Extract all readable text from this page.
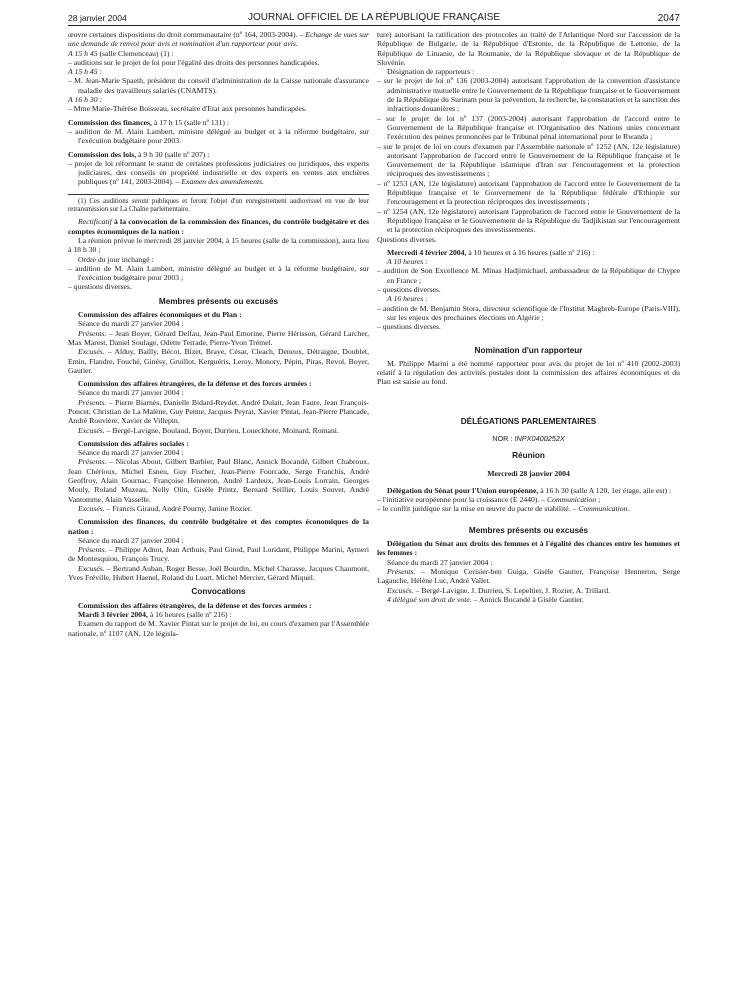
28 janvier 2004	JOURNAL OFFICIEL DE LA RÉPUBLIQUE FRANÇAISE	2047

œuvre certaines dispositions du droit communautaire (nº 164, 2003-2004). – Echange de vues sur une demande de renvoi pour avis et nomination d'un rapporteur pour avis.

A 15 h 45 (salle Clemenceau) (1) :

– auditions sur le projet de loi pour l'égalité des droits des personnes handicapées.

A 15 h 45 :

– M. Jean-Marie Spaeth, président du conseil d'administration de la Caisse nationale d'assurance maladie des travailleurs salariés (CNAMTS).

A 16 h 30 :

– Mme Marie-Thérèse Boisseau, secrétaire d'Etat aux personnes handicapées.

Commission des finances, à 17 h 15 (salle nº 131) :

– audition de M. Alain Lambert, ministre délégué au budget et à la réforme budgétaire, sur l'exécution budgétaire pour 2003.

Commission des lois, à 9 h 30 (salle nº 207) :

– projet de loi réformant le statut de certaines professions judiciaires ou juridiques, des experts judiciaires, des conseils en propriété industrielle et des experts en ventes aux enchères publiques (nº 141, 2003-2004). – Examen des amendements.

(1) Ces auditions seront publiques et feront l'objet d'un enregistrement audiovisuel en vue de leur retransmission sur La Chaîne parlementaire.

Rectificatif à la convocation de la commission des finances, du contrôle budgétaire et des comptes économiques de la nation :

La réunion prévue le mercredi 28 janvier 2004, à 15 heures (salle de la commission), aura lieu à 18 h 30 ;

Ordre du jour inchangé :

– audition de M. Alain Lambert, ministre délégué au budget et à la réforme budgétaire, sur l'exécution budgétaire pour 2003 ;

– questions diverses.

Membres présents ou excusés

Commission des affaires économiques et du Plan :

Séance du mardi 27 janvier 2004 :

Présents. – Jean Boyer, Gérard Delfau, Jean-Paul Emorine, Pierre Hérisson, Gérard Larcher, Max Marest, Daniel Soulage, Odette Terrade, Pierre-Yvon Trémel.

Excusés. – Alduy, Bailly, Bécot, Bizet, Braye, César, Cleach, Deneux, Détraigne, Doublet, Emin, Flandre, Fouché, Ginésy, Gruillot, Kerguéris, Leroy, Monory, Pépin, Piras, Revol, Boyer, Gautier.

Commission des affaires étrangères, de la défense et des forces armées :

Séance du mardi 27 janvier 2004 :

Présents. – Pierre Biarnès, Danielle Bidard-Reydet, André Dulait, Jean Faure, Jean François-Poncet, Christian de La Malène, Guy Penne, Jacques Peyrat, Xavier Pintat, Jean-Pierre Plancade, André Rouvière, Xavier de Villepin.

Excusés. – Bergé-Lavigne, Boulaud, Boyer, Durrieu, Loueckhote, Moinard, Romani.

Commission des affaires sociales :

Séance du mardi 27 janvier 2004 :

Présents. – Nicolas About, Gilbert Barbier, Paul Blanc, Annick Bocandé, Gilbert Chabroux, Jean Chérioux, Michel Esneu, Guy Fischer, Jean-Pierre Fourcade, Serge Franchis, André Geoffroy, Alain Gournac, Françoise Henneron, André Lardeux, Jean-Louis Lorrain, Georges Mouly, Roland Muzeau, Nelly Olin, Gisèle Printz, Bernard Seillier, Louis Souvet, André Vantomme, Alain Vasselle.

Excusés. – Francis Giraud, André Pourny, Janine Rozier.

Commission des finances, du contrôle budgétaire et des comptes économiques de la nation :

Séance du mardi 27 janvier 2004 :

Présents. – Philippe Adnot, Jean Arthuis, Paul Girod, Paul Loridant, Philippe Marini, Aymeri de Montesquiou, François Trucy.

Excusés. – Bertrand Auban, Roger Besse, Joël Bourdin, Michel Charasse, Jacques Chaumont, Yves Fréville, Hubert Haenel, Roland du Luart, Michel Mercier, Gérard Miquel.

Convocations

Commission des affaires étrangères, de la défense et des forces armées :

Mardi 3 février 2004, à 16 heures (salle nº 216) :

Examen du rapport de M. Xavier Pintat sur le projet de loi, en cours d'examen par l'Assemblée nationale, nº 1107 (AN, 12e législa-

ture) autorisant la ratification des protocoles au traité de l'Atlantique Nord sur l'accession de la République de Bulgarie, de la République d'Estonie, de la République de Lettonie, de la République de Lituanie, de la Roumanie, de la République slovaque et de la République de Slovénie.

Désignation de rapporteurs :

– sur le projet de loi nº 136 (2003-2004) autorisant l'approbation de la convention d'assistance administrative mutuelle entre le Gouvernement de la République française et le Gouvernement de la République du Surinam pour la prévention, la recherche, la constatation et la sanction des infractions douanières ;

– sur le projet de loi nº 137 (2003-2004) autorisant l'approbation de l'accord entre le Gouvernement de la République française et l'Organisation des Nations unies concernant l'exécution des peines prononcées par le Tribunal pénal international pour le Rwanda ;

– sur le projet de loi en cours d'examen par l'Assemblée nationale nº 1252 (AN, 12e législature) autorisant l'approbation de l'accord entre le Gouvernement de la République française et le Gouvernement de la République islamique d'Iran sur l'encouragement et la protection réciproques des investissements ;

– nº 1253 (AN, 12e législature) autorisant l'approbation de l'accord entre le Gouvernement de la République française et le Gouvernement de la République fédérale d'Ethiopie sur l'encouragement et la protection réciproques des investissements ;

– nº 1254 (AN, 12e législature) autorisant l'approbation de l'accord entre le Gouvernement de la République française et le Gouvernement de la République du Tadjikistan sur l'encouragement et la protection réciproques des investissements.

Questions diverses.

Mercredi 4 février 2004, à 10 heures et à 16 heures (salle nº 216) :

A 10 heures :

– audition de Son Excellence M. Minas Hadjimichael, ambassadeur de la République de Chypre en France ;

– questions diverses.

A 16 heures :

– audition de M. Benjamin Stora, directeur scientifique de l'Institut Maghreb-Europe (Paris-VIII), sur les enjeux des prochaines élections en Algérie ;

– questions diverses.

Nomination d'un rapporteur

M. Philippe Marini a été nommé rapporteur pour avis du projet de loi nº 410 (2002-2003) relatif à la régulation des activités postales dont la commission des affaires économiques et du Plan est saisie au fond.

DÉLÉGATIONS PARLEMENTAIRES

NOR : INPX0400252X

Réunion

Mercredi 28 janvier 2004

Délégation du Sénat pour l'Union européenne, à 16 h 30 (salle A 120, 1er étage, aile est) :

– l'initiative européenne pour la croissance (E 2440). – Communication ;

– le conflit juridique sur la mise en œuvre du pacte de stabilité. – Communication.

Membres présents ou excusés

Délégation du Sénat aux droits des femmes et à l'égalité des chances entre les hommes et les femmes :

Séance du mardi 27 janvier 2004 :

Présents. – Monique Cerisier-ben Guiga, Gisèle Gautier, Françoise Henneron, Serge Lagauche, Hélène Luc, André Vallet.

Excusés. – Bergé-Lavigne, J. Durrieu, S. Lepeltier, J. Rozier, A. Trillard.

4 délégué son droit de vote. – Annick Bocandé à Gisèle Gautier.
